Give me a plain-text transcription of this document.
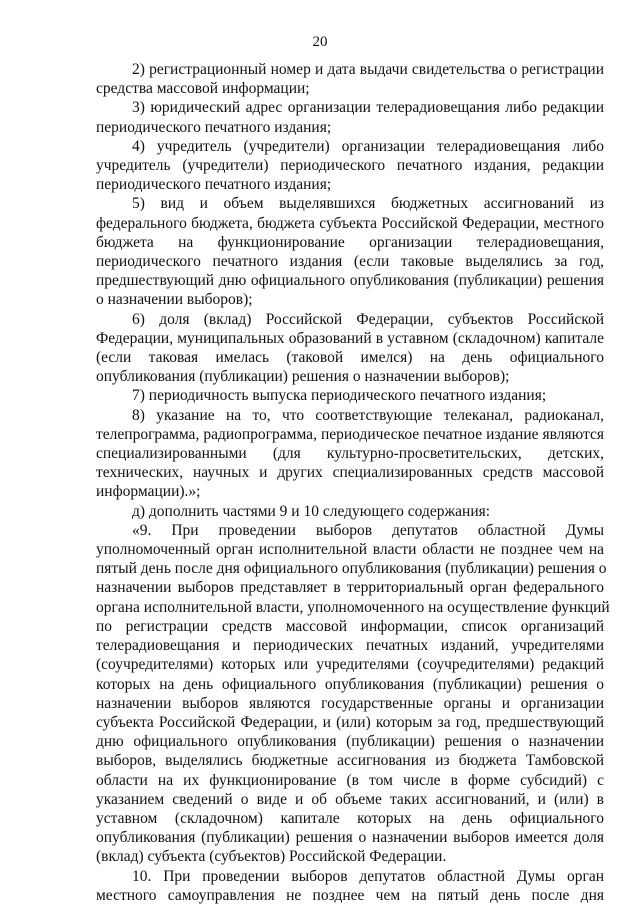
20
2) регистрационный номер и дата выдачи свидетельства о регистрации
средства массовой информации;
3) юридический адрес организации телерадиовещания либо редакции
периодического печатного издания;
4) учредитель (учредители) организации телерадиовещания либо
учредитель (учредители) периодического печатного издания, редакции
периодического печатного издания;
5) вид и объем выделявшихся бюджетных ассигнований из
федерального бюджета, бюджета субъекта Российской Федерации, местного
бюджета на функционирование организации телерадиовещания,
периодического печатного издания (если таковые выделялись за год,
предшествующий дню официального опубликования (публикации) решения
о назначении выборов);
6) доля (вклад) Российской Федерации, субъектов Российской
Федерации, муниципальных образований в уставном (складочном) капитале
(если таковая имелась (таковой имелся) на день официального
опубликования (публикации) решения о назначении выборов);
7) периодичность выпуска периодического печатного издания;
8) указание на то, что соответствующие телеканал, радиоканал,
телепрограмма, радиопрограмма, периодическое печатное издание являются
специализированными (для культурно-просветительских, детских,
технических, научных и других специализированных средств массовой
информации).»;
д) дополнить частями 9 и 10 следующего содержания:
«9. При проведении выборов депутатов областной Думы
уполномоченный орган исполнительной власти области не позднее чем на
пятый день после дня официального опубликования (публикации) решения о
назначении выборов представляет в территориальный орган федерального
органа исполнительной власти, уполномоченного на осуществление функций
по регистрации средств массовой информации, список организаций
телерадиовещания и периодических печатных изданий, учредителями
(соучредителями) которых или учредителями (соучредителями) редакций
которых на день официального опубликования (публикации) решения о
назначении выборов являются государственные органы и организации
субъекта Российской Федерации, и (или) которым за год, предшествующий
дню официального опубликования (публикации) решения о назначении
выборов, выделялись бюджетные ассигнования из бюджета Тамбовской
области на их функционирование (в том числе в форме субсидий) с
указанием сведений о виде и об объеме таких ассигнований, и (или) в
уставном (складочном) капитале которых на день официального
опубликования (публикации) решения о назначении выборов имеется доля
(вклад) субъекта (субъектов) Российской Федерации.
10. При проведении выборов депутатов областной Думы орган
местного самоуправления не позднее чем на пятый день после дня
